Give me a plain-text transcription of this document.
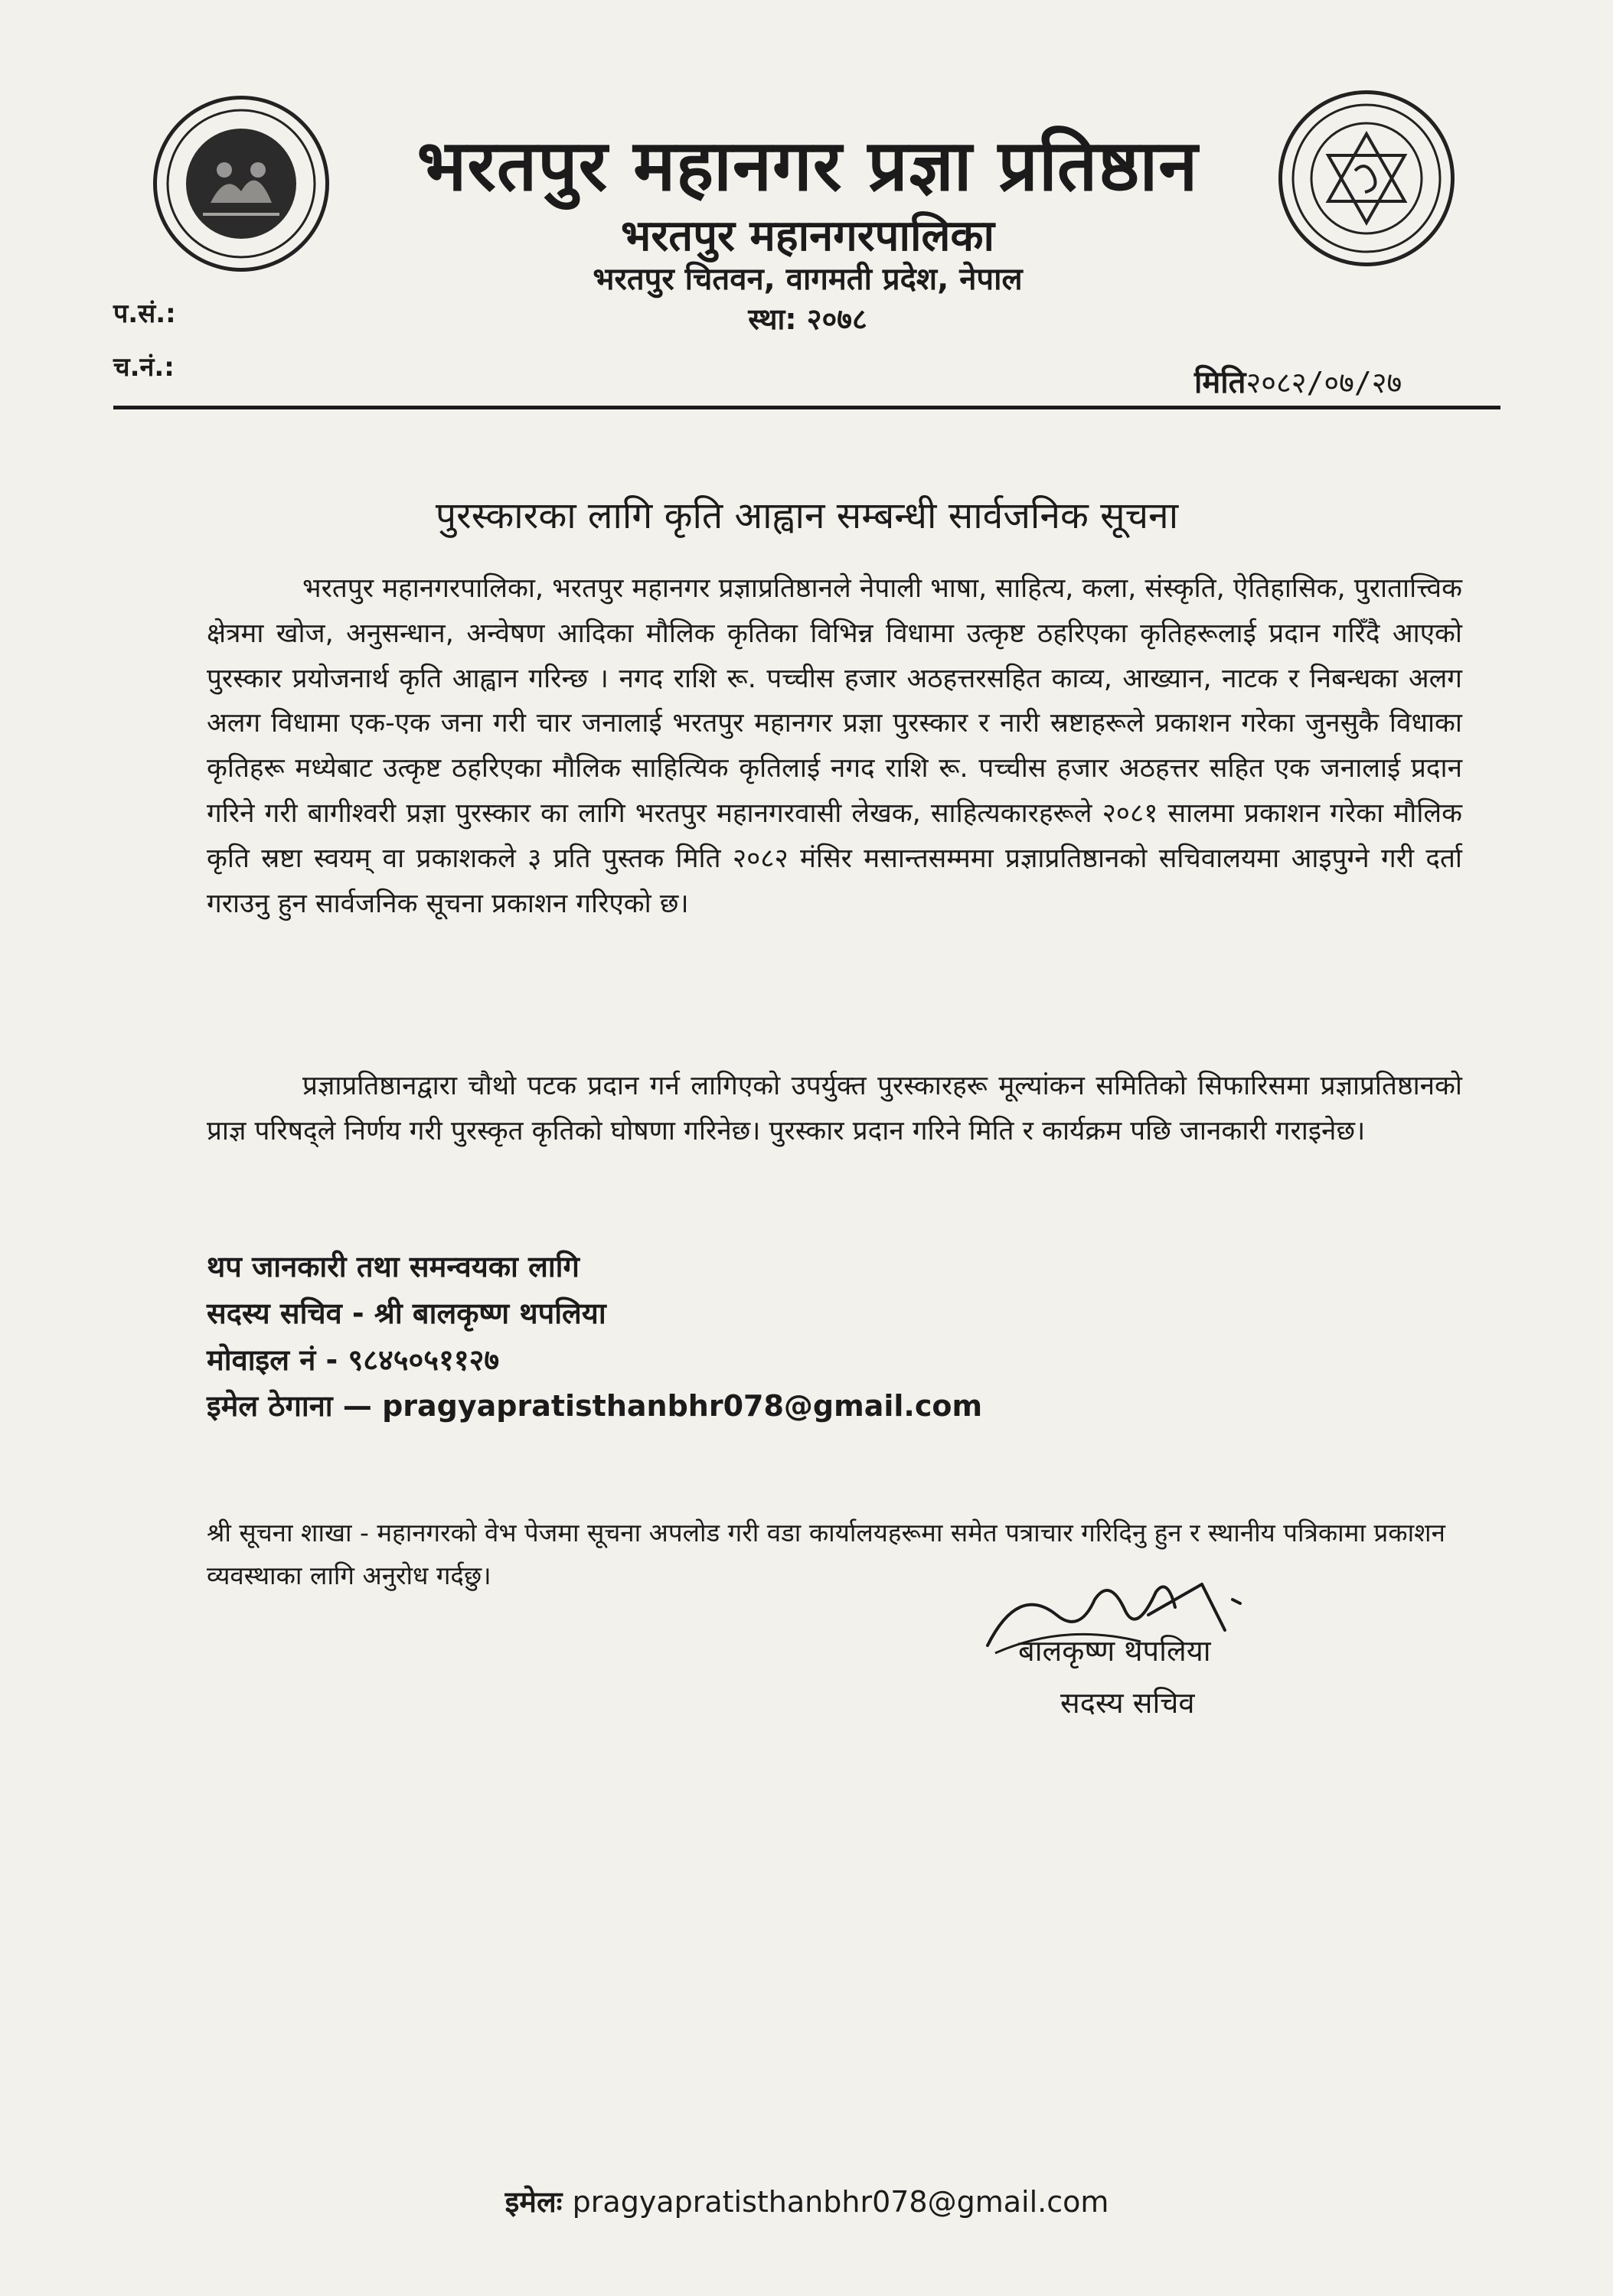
भरतपुर महानगर प्रज्ञा प्रतिष्ठान
भरतपुर महानगरपालिका
भरतपुर चितवन, वागमती प्रदेश, नेपाल
स्था: २०७८
प.सं.:
च.नं.:	मिति२०८२/०७/२७
पुरस्कारका लागि कृति आह्वान सम्बन्धी सार्वजनिक सूचना
भरतपुर महानगरपालिका, भरतपुर महानगर प्रज्ञाप्रतिष्ठानले नेपाली भाषा, साहित्य, कला, संस्कृति, ऐतिहासिक, पुरातात्त्विक क्षेत्रमा खोज, अनुसन्धान, अन्वेषण आदिका मौलिक कृतिका विभिन्न विधामा उत्कृष्ट ठहरिएका कृतिहरूलाई प्रदान गरिँदै आएको पुरस्कार प्रयोजनार्थ कृति आह्वान गरिन्छ । नगद राशि रू. पच्चीस हजार अठहत्तरसहित काव्य, आख्यान, नाटक र निबन्धका अलग अलग विधामा एक-एक जना गरी चार जनालाई भरतपुर महानगर प्रज्ञा पुरस्कार र नारी स्रष्टाहरूले प्रकाशन गरेका जुनसुकै विधाका कृतिहरू मध्येबाट उत्कृष्ट ठहरिएका मौलिक साहित्यिक कृतिलाई नगद राशि रू. पच्चीस हजार अठहत्तर सहित एक जनालाई प्रदान गरिने गरी बागीश्वरी प्रज्ञा पुरस्कार का लागि भरतपुर महानगरवासी लेखक, साहित्यकारहरूले २०८१ सालमा प्रकाशन गरेका मौलिक कृति स्रष्टा स्वयम् वा प्रकाशकले ३ प्रति पुस्तक मिति २०८२ मंसिर मसान्तसम्ममा प्रज्ञाप्रतिष्ठानको सचिवालयमा आइपुग्ने गरी दर्ता गराउनु हुन सार्वजनिक सूचना प्रकाशन गरिएको छ।
प्रज्ञाप्रतिष्ठानद्वारा चौथो पटक प्रदान गर्न लागिएको उपर्युक्त पुरस्कारहरू मूल्यांकन समितिको सिफारिसमा प्रज्ञाप्रतिष्ठानको प्राज्ञ परिषद्ले निर्णय गरी पुरस्कृत कृतिको घोषणा गरिनेछ। पुरस्कार प्रदान गरिने मिति र कार्यक्रम पछि जानकारी गराइनेछ।
थप जानकारी तथा समन्वयका लागि
सदस्य सचिव - श्री बालकृष्ण थपलिया
मोवाइल नं - ९८४५०५११२७
इमेल ठेगाना — pragyapratisthanbhr078@gmail.com
श्री सूचना शाखा - महानगरको वेभ पेजमा सूचना अपलोड गरी वडा कार्यालयहरूमा समेत पत्राचार गरिदिनु हुन र स्थानीय पत्रिकामा प्रकाशन व्यवस्थाका लागि अनुरोध गर्दछु।
बालकृष्ण थपलिया
सदस्य सचिव
इमेलः pragyapratisthanbhr078@gmail.com
